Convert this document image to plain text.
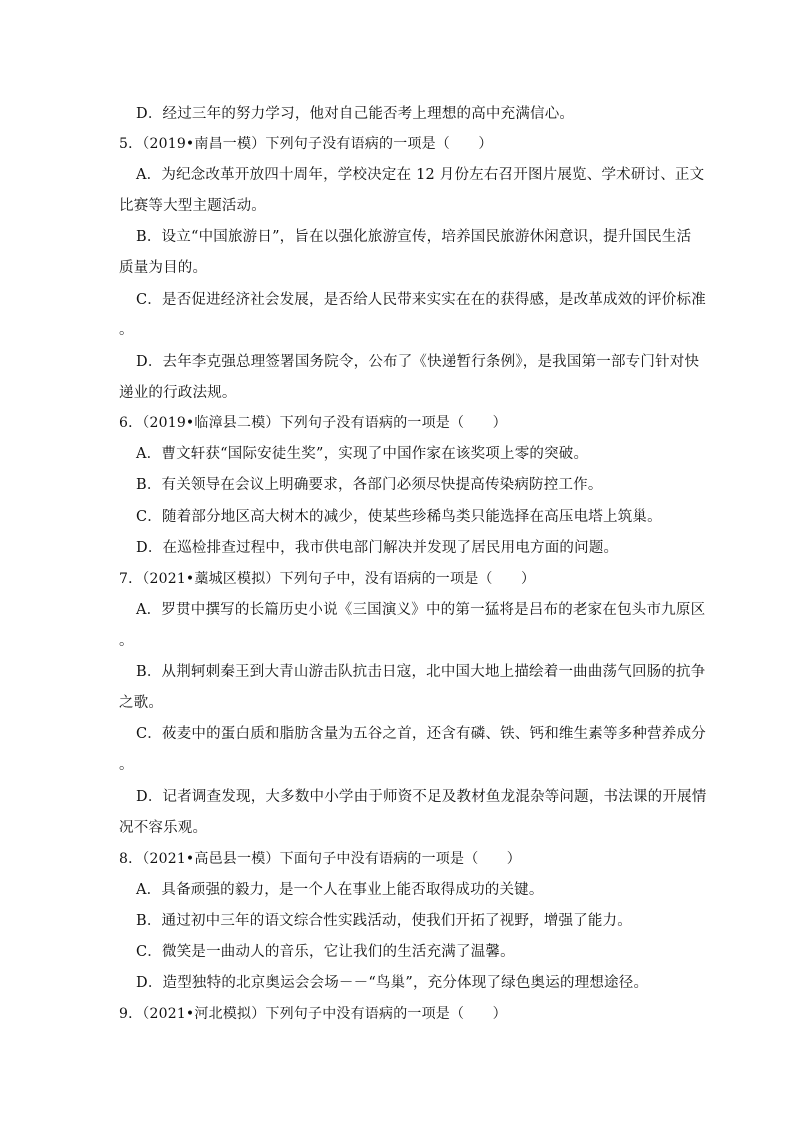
D．经过三年的努力学习，他对自己能否考上理想的高中充满信心。
5．（2019•南昌一模）下列句子没有语病的一项是（　　）
A．为纪念改革开放四十周年，学校决定在 12 月份左右召开图片展览、学术研讨、正文
比赛等大型主题活动。
B．设立“中国旅游日”，旨在以强化旅游宣传，培养国民旅游休闲意识，提升国民生活
质量为目的。
C．是否促进经济社会发展，是否给人民带来实实在在的获得感，是改革成效的评价标准
。
D．去年李克强总理签署国务院令，公布了《快递暂行条例》，是我国第一部专门针对快
递业的行政法规。
6．（2019•临漳县二模）下列句子没有语病的一项是（　　）
A．曹文轩获“国际安徒生奖”，实现了中国作家在该奖项上零的突破。
B．有关领导在会议上明确要求，各部门必须尽快提高传染病防控工作。
C．随着部分地区高大树木的减少，使某些珍稀鸟类只能选择在高压电塔上筑巢。
D．在巡检排查过程中，我市供电部门解决并发现了居民用电方面的问题。
7．（2021•藁城区模拟）下列句子中，没有语病的一项是（　　）
A．罗贯中撰写的长篇历史小说《三国演义》中的第一猛将是吕布的老家在包头市九原区
。
B．从荆轲刺秦王到大青山游击队抗击日寇，北中国大地上描绘着一曲曲荡气回肠的抗争
之歌。
C．莜麦中的蛋白质和脂肪含量为五谷之首，还含有磷、铁、钙和维生素等多种营养成分
。
D．记者调查发现，大多数中小学由于师资不足及教材鱼龙混杂等问题，书法课的开展情
况不容乐观。
8．（2021•高邑县一模）下面句子中没有语病的一项是（　　）
A．具备顽强的毅力，是一个人在事业上能否取得成功的关键。
B．通过初中三年的语文综合性实践活动，使我们开拓了视野，增强了能力。
C．微笑是一曲动人的音乐，它让我们的生活充满了温馨。
D．造型独特的北京奥运会会场－－“鸟巢”，充分体现了绿色奥运的理想途径。
9．（2021•河北模拟）下列句子中没有语病的一项是（　　）
